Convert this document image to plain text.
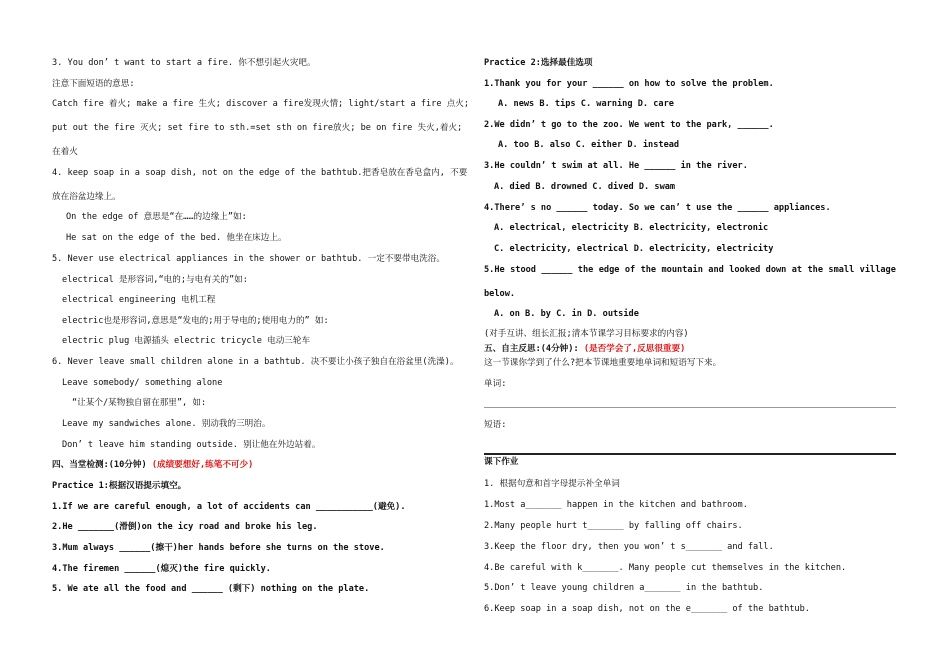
3. You don’ t want to start a fire. 你不想引起火灾吧。
注意下面短语的意思:
Catch fire 着火; make a fire 生火; discover a fire发现火情; light/start a fire 点火;
put out the fire 灭火; set fire to sth.=set sth on fire放火; be on fire 失火,着火;
在着火
4. keep soap in a soap dish, not on the edge of the bathtub.把香皂放在香皂盒内, 不要
放在浴盆边缘上。
On the edge of 意思是“在……的边缘上”如:
He sat on the edge of the bed. 他坐在床边上。
5. Never use electrical appliances in the shower or bathtub. 一定不要带电洗浴。
electrical 是形容词,“电的;与电有关的”如:
electrical engineering 电机工程
electric也是形容词,意思是“发电的;用于导电的;使用电力的” 如:
electric plug 电源插头 electric tricycle 电动三轮车
6. Never leave small children alone in a bathtub. 决不要让小孩子独自在浴盆里(洗澡)。
Leave somebody/ something alone
“让某个/某物独自留在那里”, 如:
Leave my sandwiches alone. 别动我的三明治。
Don’ t leave him standing outside. 别让他在外边站着。
四、当堂检测:(10分钟) (成绩要想好,练笔不可少)
Practice 1:根据汉语提示填空。
1.If we are careful enough, a lot of accidents can ___________(避免).
2.He _______(滑倒)on the icy road and broke his leg.
3.Mum always ______(擦干)her hands before she turns on the stove.
4.The firemen ______(熄灭)the fire quickly.
5. We ate all the food and ______ (剩下) nothing on the plate.
Practice 2:选择最佳选项
1.Thank you for your ______ on how to solve the problem.
A. news B. tips C. warning D. care
2.We didn’ t go to the zoo. We went to the park, ______.
A. too B. also C. either D. instead
3.He couldn’ t swim at all. He ______ in the river.
A. died B. drowned C. dived D. swam
4.There’ s no ______ today. So we can’ t use the ______ appliances.
A. electrical, electricity B. electricity, electronic
C. electricity, electrical D. electricity, electricity
5.He stood ______ the edge of the mountain and looked down at the small village
below.
A. on B. by C. in D. outside
(对手互讲、组长汇报;清本节课学习目标要求的内容)
五、自主反思:(4分钟): (是否学会了,反思很重要)
这一节课你学到了什么?把本节课地重要地单词和短语写下来。
单词:
短语:
课下作业
1. 根据句意和首字母提示补全单词
1.Most a_______ happen in the kitchen and bathroom.
2.Many people hurt t_______ by falling off chairs.
3.Keep the floor dry, then you won’ t s_______ and fall.
4.Be careful with k_______. Many people cut themselves in the kitchen.
5.Don’ t leave young children a_______ in the bathtub.
6.Keep soap in a soap dish, not on the e_______ of the bathtub.
